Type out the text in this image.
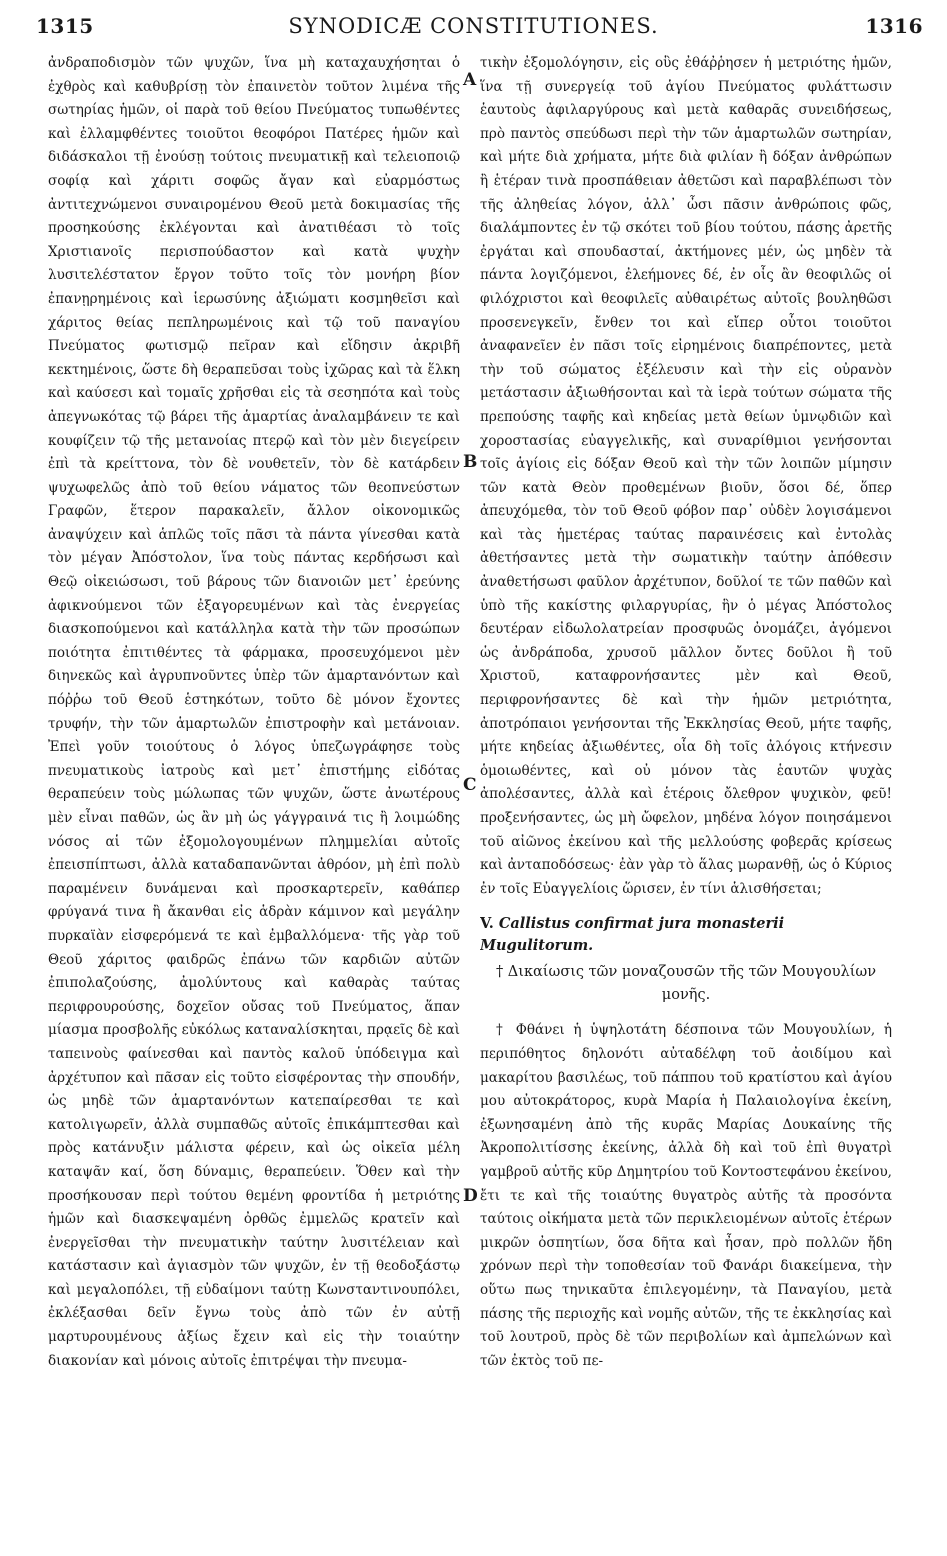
1315	SYNODICÆ CONSTITUTIONES.	1316

ἀνδραποδισμὸν τῶν ψυχῶν, ἵνα μὴ καταχαυχήσηται ὁ ἐχθρὸς καὶ καθυβρίσῃ τὸν ἐπαινετὸν τοῦτον λιμένα τῆς σωτηρίας ἡμῶν, οἱ παρὰ τοῦ θείου Πνεύματος τυπωθέντες καὶ ἐλλαμφθέντες τοιοῦτοι θεοφόροι Πατέρες ἡμῶν καὶ διδάσκαλοι τῇ ἐνούσῃ τούτοις πνευματικῇ καὶ τελειοποιῷ σοφίᾳ καὶ χάριτι σοφῶς ἄγαν καὶ εὐαρμόστως ἀντιτεχνώμενοι συναιρομένου Θεοῦ μετὰ δοκιμασίας τῆς προσηκούσης ἐκλέγονται καὶ ἀνατιθέασι τὸ τοῖς Χριστιανοῖς περισπούδαστον καὶ κατὰ ψυχὴν λυσιτελέστατον ἔργον τοῦτο τοῖς τὸν μονήρη βίον ἐπανῃρημένοις καὶ ἱερωσύνης ἀξιώματι κοσμηθεῖσι καὶ χάριτος θείας πεπληρωμένοις καὶ τῷ τοῦ παναγίου Πνεύματος φωτισμῷ πεῖραν καὶ εἴδησιν ἀκριβῆ κεκτημένοις, ὥστε δὴ θεραπεῦσαι τοὺς ἰχῶρας καὶ τὰ ἕλκη καὶ καύσεσι καὶ τομαῖς χρῆσθαι εἰς τὰ σεσηπότα καὶ τοὺς ἀπεγνωκότας τῷ βάρει τῆς ἁμαρτίας ἀναλαμβάνειν τε καὶ κουφίζειν τῷ τῆς μετανοίας πτερῷ καὶ τὸν μὲν διεγείρειν ἐπὶ τὰ κρείττονα, τὸν δὲ νουθετεῖν, τὸν δὲ κατάρδειν ψυχωφελῶς ἀπὸ τοῦ θείου νάματος τῶν θεοπνεύστων Γραφῶν, ἕτερον παρακαλεῖν, ἄλλον οἰκονομικῶς ἀναψύχειν καὶ ἁπλῶς τοῖς πᾶσι τὰ πάντα γίνεσθαι κατὰ τὸν μέγαν Ἀπόστολον, ἵνα τοὺς πάντας κερδήσωσι καὶ Θεῷ οἰκειώσωσι, τοῦ βάρους τῶν διανοιῶν μετ᾽ ἐρεύνης ἀφικνούμενοι τῶν ἐξαγορευμένων καὶ τὰς ἐνεργείας διασκοπούμενοι καὶ κατάλληλα κατὰ τὴν τῶν προσώπων ποιότητα ἐπιτιθέντες τὰ φάρμακα, προσευχόμενοι μὲν διηνεκῶς καὶ ἀγρυπνοῦντες ὑπὲρ τῶν ἁμαρτανόντων καὶ πόῤῥω τοῦ Θεοῦ ἑστηκότων, τοῦτο δὲ μόνον ἔχοντες τρυφήν, τὴν τῶν ἁμαρτωλῶν ἐπιστροφὴν καὶ μετάνοιαν. Ἐπεὶ γοῦν τοιούτους ὁ λόγος ὑπεζωγράφησε τοὺς πνευματικοὺς ἰατροὺς καὶ μετ᾽ ἐπιστήμης εἰδότας θεραπεύειν τοὺς μώλωπας τῶν ψυχῶν, ὥστε ἀνωτέρους μὲν εἶναι παθῶν, ὡς ἂν μὴ ὡς γάγγραινά τις ἢ λοιμώδης νόσος αἱ τῶν ἐξομολογουμένων πλημμελίαι αὐτοῖς ἐπεισπίπτωσι, ἀλλὰ καταδαπανῶνται ἀθρόον, μὴ ἐπὶ πολὺ παραμένειν δυνάμεναι καὶ προσκαρτερεῖν, καθάπερ φρύγανά τινα ἢ ἄκανθαι εἰς ἁδρὰν κάμινον καὶ μεγάλην πυρκαϊὰν εἰσφερόμενά τε καὶ ἐμβαλλόμενα· τῆς γὰρ τοῦ Θεοῦ χάριτος φαιδρῶς ἐπάνω τῶν καρδιῶν αὐτῶν ἐπιπολαζούσης, ἀμολύντους καὶ καθαρὰς ταύτας περιφρουρούσης, δοχεῖον οὔσας τοῦ Πνεύματος, ἅπαν μίασμα προσβολῆς εὐκόλως καταναλίσκηται, πρᾳεῖς δὲ καὶ ταπεινοὺς φαίνεσθαι καὶ παντὸς καλοῦ ὑπόδειγμα καὶ ἀρχέτυπον καὶ πᾶσαν εἰς τοῦτο εἰσφέροντας τὴν σπουδήν, ὡς μηδὲ τῶν ἁμαρτανόντων κατεπαίρεσθαι τε καὶ κατολιγωρεῖν, ἀλλὰ συμπαθῶς αὐτοῖς ἐπικάμπτεσθαι καὶ πρὸς κατάνυξιν μάλιστα φέρειν, καὶ ὡς οἰκεῖα μέλη καταψᾶν καί, ὅση δύναμις, θεραπεύειν. Ὅθεν καὶ τὴν προσήκουσαν περὶ τούτου θεμένη φροντίδα ἡ μετριότης ἡμῶν καὶ διασκεψαμένη ὀρθῶς ἐμμελῶς κρατεῖν καὶ ἐνεργεῖσθαι τὴν πνευματικὴν ταύτην λυσιτέλειαν καὶ κατάστασιν καὶ ἁγιασμὸν τῶν ψυχῶν, ἐν τῇ θεοδοξάστῳ καὶ μεγαλοπόλει, τῇ εὐδαίμονι ταύτῃ Κωνσταντινουπόλει, ἐκλέξασθαι δεῖν ἔγνω τοὺς ἀπὸ τῶν ἐν αὐτῇ μαρτυρουμένους ἀξίως ἔχειν καὶ εἰς τὴν τοιαύτην διακονίαν καὶ μόνοις αὐτοῖς ἐπιτρέψαι τὴν πνευμα-

τικὴν ἐξομολόγησιν, εἰς οὓς ἐθάῤῥησεν ἡ μετριότης ἡμῶν, ἵνα τῇ συνεργείᾳ τοῦ ἁγίου Πνεύματος φυλάττωσιν ἑαυτοὺς ἀφιλαργύρους καὶ μετὰ καθαρᾶς συνειδήσεως, πρὸ παντὸς σπεύδωσι περὶ τὴν τῶν ἁμαρτωλῶν σωτηρίαν, καὶ μήτε διὰ χρήματα, μήτε διὰ φιλίαν ἢ δόξαν ἀνθρώπων ἢ ἑτέραν τινὰ προσπάθειαν ἀθετῶσι καὶ παραβλέπωσι τὸν τῆς ἀληθείας λόγον, ἀλλ᾽ ὦσι πᾶσιν ἀνθρώποις φῶς, διαλάμποντες ἐν τῷ σκότει τοῦ βίου τούτου, πάσης ἀρετῆς ἐργάται καὶ σπουδασταί, ἀκτήμονες μέν, ὡς μηδὲν τὰ πάντα λογιζόμενοι, ἐλεήμονες δέ, ἐν οἷς ἂν θεοφιλῶς οἱ φιλόχριστοι καὶ θεοφιλεῖς αὐθαιρέτως αὐτοῖς βουληθῶσι προσενεγκεῖν, ἔνθεν τοι καὶ εἴπερ οὗτοι τοιοῦτοι ἀναφανεῖεν ἐν πᾶσι τοῖς εἰρημένοις διαπρέποντες, μετὰ τὴν τοῦ σώματος ἐξέλευσιν καὶ τὴν εἰς οὐρανὸν μετάστασιν ἀξιωθήσονται καὶ τὰ ἱερὰ τούτων σώματα τῆς πρεπούσης ταφῆς καὶ κηδείας μετὰ θείων ὑμνῳδιῶν καὶ χοροστασίας εὐαγγελικῆς, καὶ συναρίθμιοι γενήσονται τοῖς ἁγίοις εἰς δόξαν Θεοῦ καὶ τὴν τῶν λοιπῶν μίμησιν τῶν κατὰ Θεὸν προθεμένων βιοῦν, ὅσοι δέ, ὅπερ ἀπευχόμεθα, τὸν τοῦ Θεοῦ φόβον παρ᾽ οὐδὲν λογισάμενοι καὶ τὰς ἡμετέρας ταύτας παραινέσεις καὶ ἐντολὰς ἀθετήσαντες μετὰ τὴν σωματικὴν ταύτην ἀπόθεσιν ἀναθετήσωσι φαῦλον ἀρχέτυπον, δοῦλοί τε τῶν παθῶν καὶ ὑπὸ τῆς κακίστης φιλαργυρίας, ἣν ὁ μέγας Ἀπόστολος δευτέραν εἰδωλολατρείαν προσφυῶς ὀνομάζει, ἀγόμενοι ὡς ἀνδράποδα, χρυσοῦ μᾶλλον ὄντες δοῦλοι ἢ τοῦ Χριστοῦ, καταφρονήσαντες μὲν καὶ Θεοῦ, περιφρονήσαντες δὲ καὶ τὴν ἡμῶν μετριότητα, ἀποτρόπαιοι γενήσονται τῆς Ἐκκλησίας Θεοῦ, μήτε ταφῆς, μήτε κηδείας ἀξιωθέντες, οἷα δὴ τοῖς ἀλόγοις κτήνεσιν ὁμοιωθέντες, καὶ οὐ μόνον τὰς ἑαυτῶν ψυχὰς ἀπολέσαντες, ἀλλὰ καὶ ἑτέροις ὄλεθρον ψυχικὸν, φεῦ! προξενήσαντες, ὡς μὴ ὤφελον, μηδένα λόγον ποιησάμενοι τοῦ αἰῶνος ἐκείνου καὶ τῆς μελλούσης φοβερᾶς κρίσεως καὶ ἀνταποδόσεως· ἐὰν γὰρ τὸ ἅλας μωρανθῇ, ὡς ὁ Κύριος ἐν τοῖς Εὐαγγελίοις ὥρισεν, ἐν τίνι ἁλισθήσεται;

V. Callistus confirmat jura monasterii Mugulitorum.
† Δικαίωσις τῶν μοναζουσῶν τῆς τῶν Μουγουλίων μονῆς.

† Φθάνει ἡ ὑψηλοτάτη δέσποινα τῶν Μουγουλίων, ἡ περιπόθητος δηλονότι αὐταδέλφη τοῦ ἀοιδίμου καὶ μακαρίτου βασιλέως, τοῦ πάππου τοῦ κρατίστου καὶ ἁγίου μου αὐτοκράτορος, κυρὰ Μαρία ἡ Παλαιολογίνα ἐκείνη, ἐξωνησαμένη ἀπὸ τῆς κυρᾶς Μαρίας Δουκαίνης τῆς Ἀκροπολιτίσσης ἐκείνης, ἀλλὰ δὴ καὶ τοῦ ἐπὶ θυγατρὶ γαμβροῦ αὐτῆς κῦρ Δημητρίου τοῦ Κοντοστεφάνου ἐκείνου, ἔτι τε καὶ τῆς τοιαύτης θυγατρὸς αὐτῆς τὰ προσόντα ταύτοις οἰκήματα μετὰ τῶν περικλειομένων αὐτοῖς ἑτέρων μικρῶν ὀσπητίων, ὅσα δῆτα καὶ ἦσαν, πρὸ πολλῶν ἤδη χρόνων περὶ τὴν τοποθεσίαν τοῦ Φανάρι διακείμενα, τὴν οὕτω πως τηνικαῦτα ἐπιλεγομένην, τὰ Παναγίου, μετὰ πάσης τῆς περιοχῆς καὶ νομῆς αὐτῶν, τῆς τε ἐκκλησίας καὶ τοῦ λουτροῦ, πρὸς δὲ τῶν περιβολίων καὶ ἀμπελώνων καὶ τῶν ἐκτὸς τοῦ πε-

A
B
C
D
